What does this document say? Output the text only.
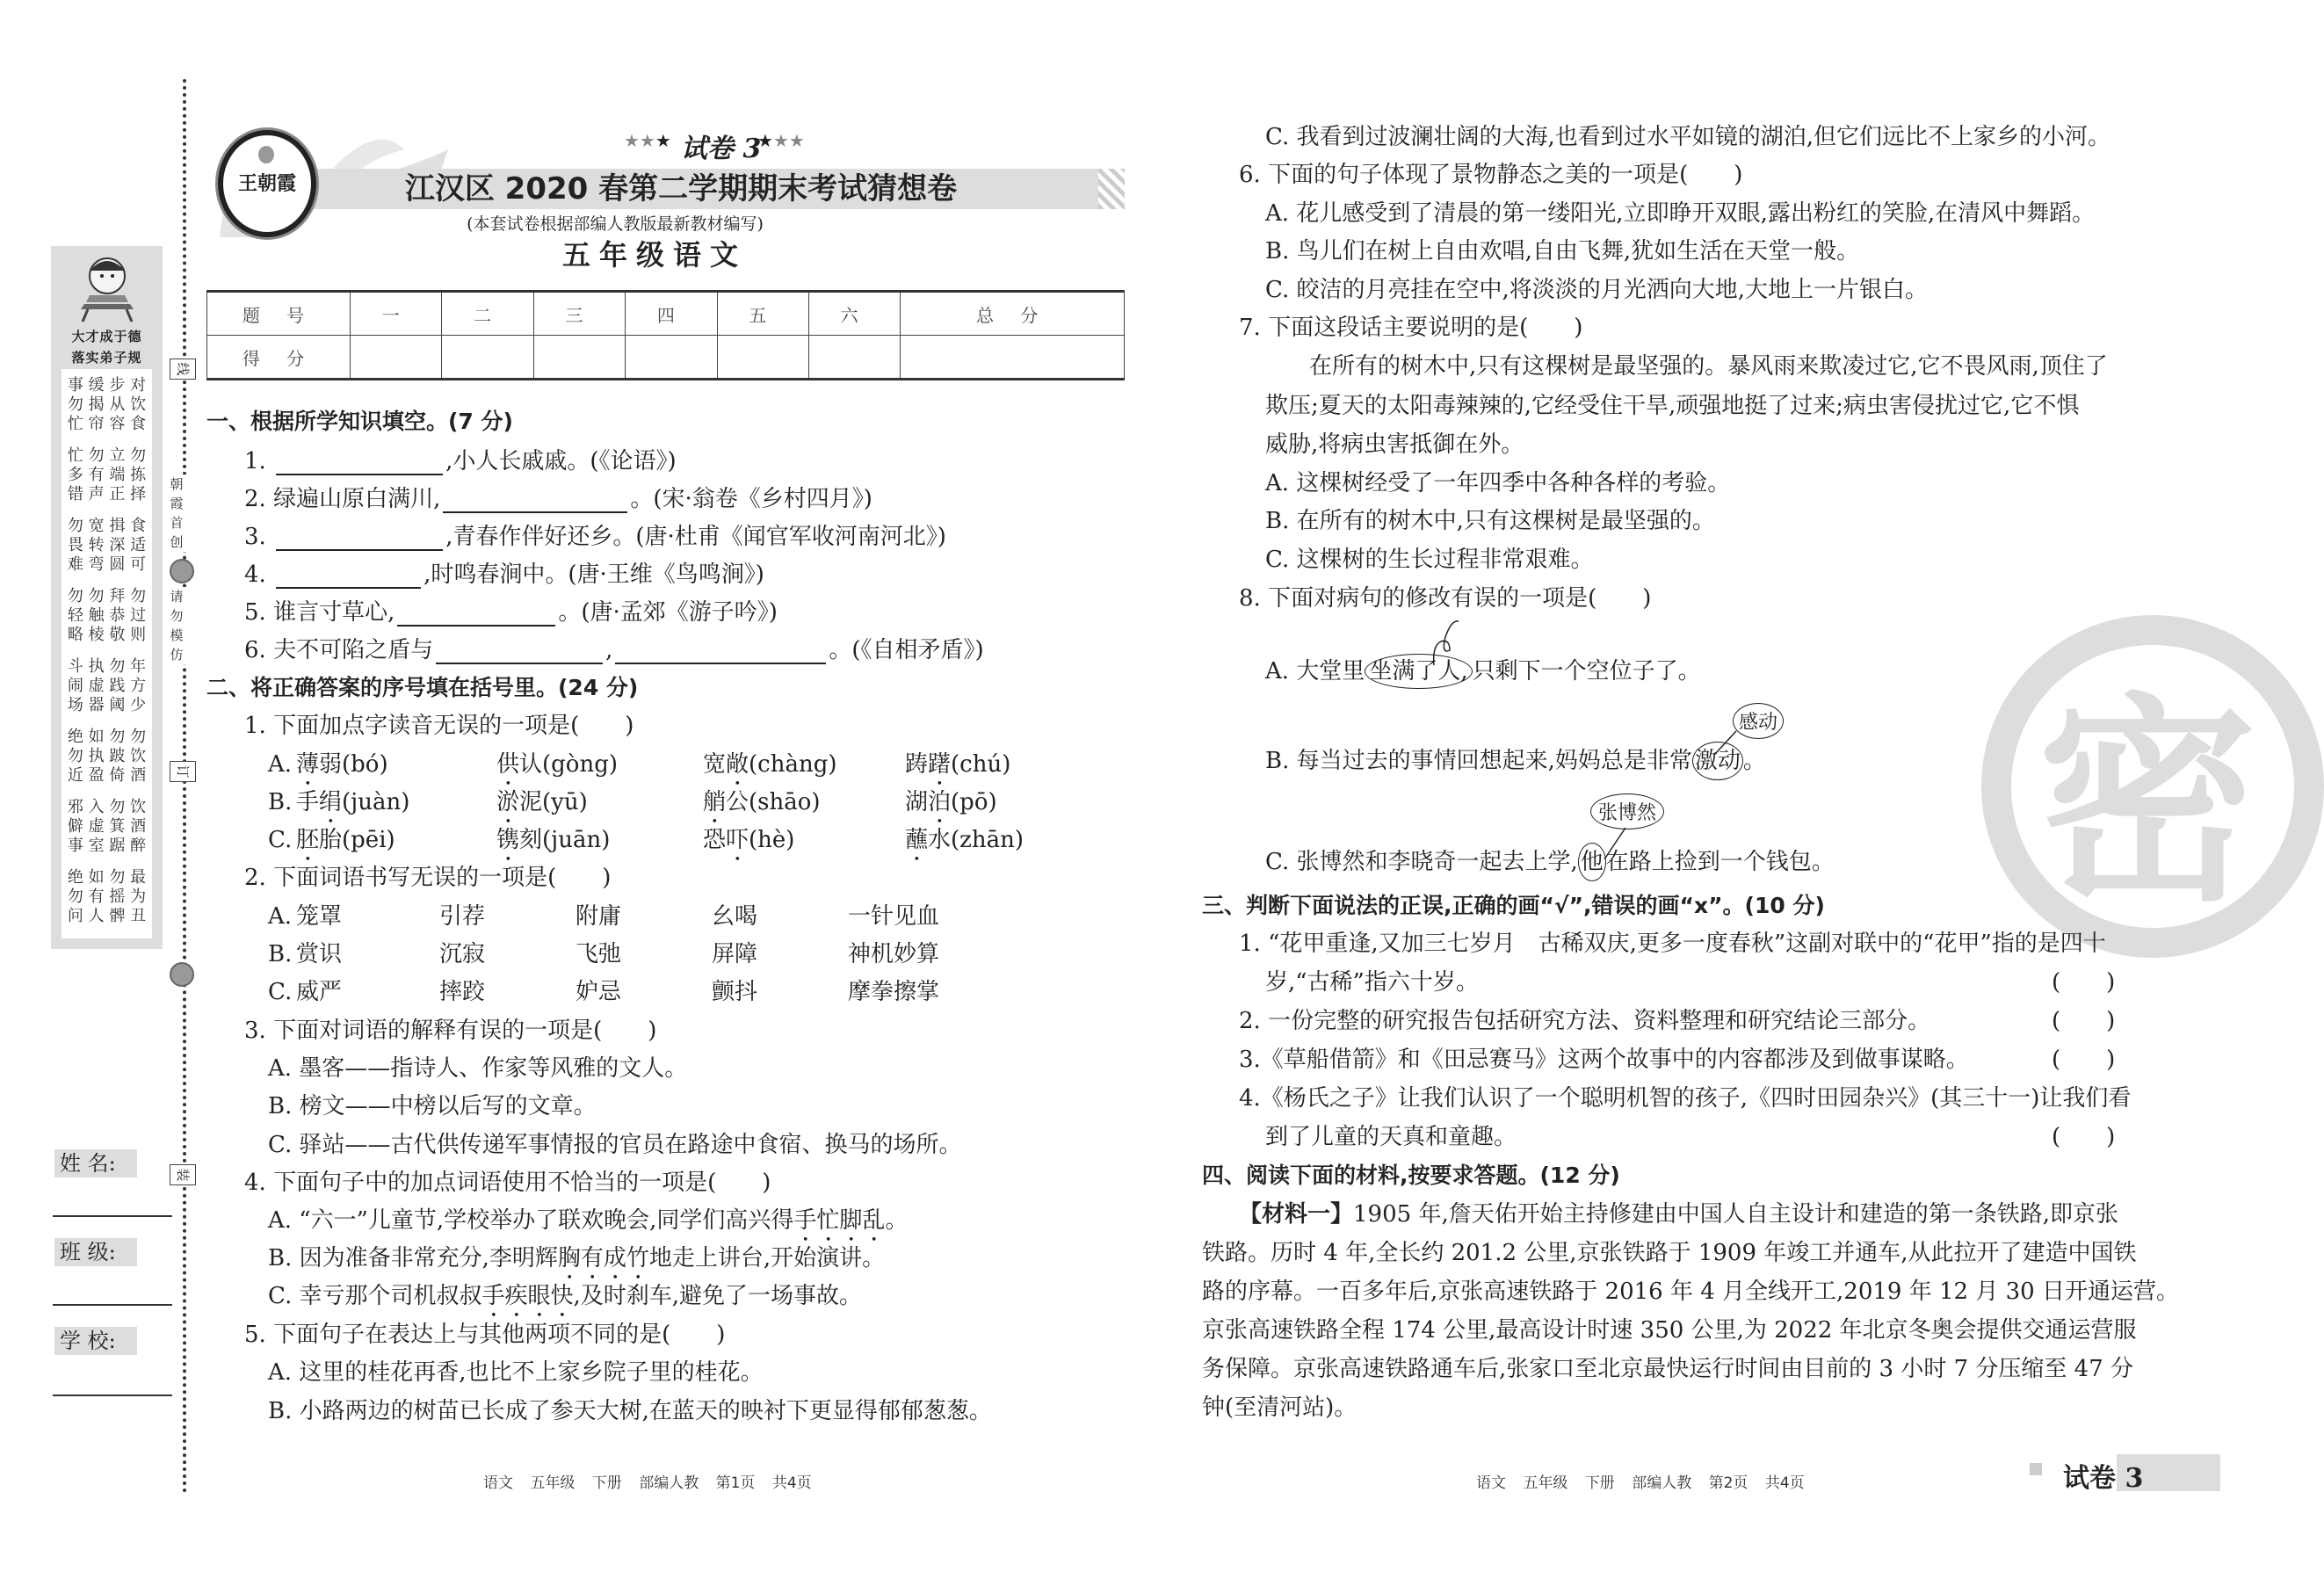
线
订
装
朝霞首创
请勿模仿
大才成于德
落实弟子规
事 缓 步 对
勿 揭 从 饮
忙 帘 容 食
忙 勿 立 勿
多 有 端 拣
错 声 正 择
勿 宽 揖 食
畏 转 深 适
难 弯 圆 可
勿 勿 拜 勿
轻 触 恭 过
略 棱 敬 则
斗 执 勿 年
闹 虚 践 方
场 器 阈 少
绝 如 勿 勿
勿 执 跛 饮
近 盈 倚 酒
邪 入 勿 饮
僻 虚 箕 酒
事 室 踞 醉
绝 如 勿 最
勿 有 摇 为
问 人 髀 丑
姓 名:
班 级:
学 校:
王朝霞
★★★ 试卷 3
★★★
江汉区 2020 春第二学期期末考试猜想卷
(本套试卷根据部编人教版最新教材编写)
五年级语文
题 号	一	二	三	四	五	六	总 分
得 分							
一、根据所学知识填空。(7 分)
1.	,小人长戚戚。(《论语》)
2. 绿遍山原白满川,	。(宋·翁卷《乡村四月》)
3.	,青春作伴好还乡。(唐·杜甫《闻官军收河南河北》)
4.	,时鸣春涧中。(唐·王维《鸟鸣涧》)
5. 谁言寸草心,	。(唐·孟郊《游子吟》)
6. 夫不可陷之盾与	,	。(《自相矛盾》)
二、将正确答案的序号填在括号里。(24 分)
1. 下面加点字读音无误的一项是(　　)
A. 薄弱(bó)	供认(gòng)	宽敞(chàng)	踌躇(chú)
B. 手绢(juàn)	淤泥(yū)	艄公(shāo)	湖泊(pō)
C. 胚胎(pēi)	镌刻(juān)	恐吓(hè)	蘸水(zhān)
2. 下面词语书写无误的一项是(　　)
A. 笼罩	引荐	附庸	幺喝	一针见血
B. 赏识	沉寂	飞弛	屏障	神机妙算
C. 威严	摔跤	妒忌	颤抖	摩拳擦掌
3. 下面对词语的解释有误的一项是(　　)
A. 墨客——指诗人、作家等风雅的文人。
B. 榜文——中榜以后写的文章。
C. 驿站——古代供传递军事情报的官员在路途中食宿、换马的场所。
4. 下面句子中的加点词语使用不恰当的一项是(　　)
A. “六一”儿童节,学校举办了联欢晚会,同学们高兴得手忙脚乱。
B. 因为准备非常充分,李明辉胸有成竹地走上讲台,开始演讲。
C. 幸亏那个司机叔叔手疾眼快,及时刹车,避免了一场事故。
5. 下面句子在表达上与其他两项不同的是(　　)
A. 这里的桂花再香,也比不上家乡院子里的桂花。
B. 小路两边的树苗已长成了参天大树,在蓝天的映衬下更显得郁郁葱葱。
语文 五年级 下册 部编人教 第1页 共4页
C. 我看到过波澜壮阔的大海,也看到过水平如镜的湖泊,但它们远比不上家乡的小河。
6. 下面的句子体现了景物静态之美的一项是(　　)
A. 花儿感受到了清晨的第一缕阳光,立即睁开双眼,露出粉红的笑脸,在清风中舞蹈。
B. 鸟儿们在树上自由欢唱,自由飞舞,犹如生活在天堂一般。
C. 皎洁的月亮挂在空中,将淡淡的月光洒向大地,大地上一片银白。
7. 下面这段话主要说明的是(　　)
在所有的树木中,只有这棵树是最坚强的。暴风雨来欺凌过它,它不畏风雨,顶住了
欺压;夏天的太阳毒辣辣的,它经受住干旱,顽强地挺了过来;病虫害侵扰过它,它不惧
威胁,将病虫害抵御在外。
A. 这棵树经受了一年四季中各种各样的考验。
B. 在所有的树木中,只有这棵树是最坚强的。
C. 这棵树的生长过程非常艰难。
8. 下面对病句的修改有误的一项是(　　)
A. 大堂里 坐满了人, 只剩下一个空位子了。
感动
B. 每当过去的事情回想起来,妈妈总是非常 激动 。
张博然
C. 张博然和李晓奇一起去上学, 他 在路上捡到一个钱包。 密
三、判断下面说法的正误,正确的画“√”,错误的画“x”。(10 分)
1. “花甲重逢,又加三七岁月　古稀双庆,更多一度春秋”这副对联中的“花甲”指的是四十
岁,“古稀”指六十岁。	(　　)
2. 一份完整的研究报告包括研究方法、资料整理和研究结论三部分。	(　　)
3.《草船借箭》和《田忌赛马》这两个故事中的内容都涉及到做事谋略。	(　　)
4.《杨氏之子》让我们认识了一个聪明机智的孩子,《四时田园杂兴》(其三十一)让我们看
到了儿童的天真和童趣。	(　　)
四、阅读下面的材料,按要求答题。(12 分)
【材料一】1905 年,詹天佑开始主持修建由中国人自主设计和建造的第一条铁路,即京张
铁路。历时 4 年,全长约 201.2 公里,京张铁路于 1909 年竣工并通车,从此拉开了建造中国铁
路的序幕。一百多年后,京张高速铁路于 2016 年 4 月全线开工,2019 年 12 月 30 日开通运营。
京张高速铁路全程 174 公里,最高设计时速 350 公里,为 2022 年北京冬奥会提供交通运营服
务保障。京张高速铁路通车后,张家口至北京最快运行时间由目前的 3 小时 7 分压缩至 47 分
钟(至清河站)。
语文 五年级 下册 部编人教 第2页 共4页	试卷 3
